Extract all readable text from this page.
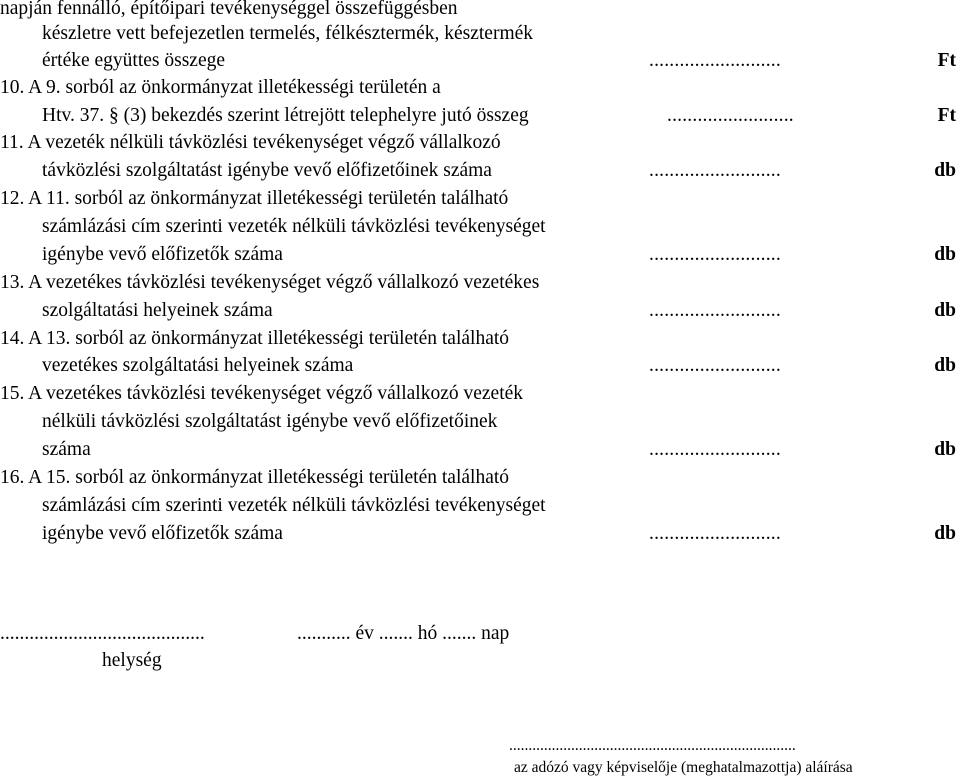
napján fennálló, építőipari tevékenységgel összefüggésben
készletre vett befejezetlen termelés, félkésztermék, késztermék
értéke együttes összege	..........................	Ft
10. A 9. sorból az önkormányzat illetékességi területén a
Htv. 37. § (3) bekezdés szerint létrejött telephelyre jutó összeg	.........................	Ft
11. A vezeték nélküli távközlési tevékenységet végző vállalkozó
távközlési szolgáltatást igénybe vevő előfizetőinek száma	..........................	db
12. A 11. sorból az önkormányzat illetékességi területén található
számlázási cím szerinti vezeték nélküli távközlési tevékenységet
igénybe vevő előfizetők száma	..........................	db
13. A vezetékes távközlési tevékenységet végző vállalkozó vezetékes
szolgáltatási helyeinek száma	..........................	db
14. A 13. sorból az önkormányzat illetékességi területén található
vezetékes szolgáltatási helyeinek száma	..........................	db
15. A vezetékes távközlési tevékenységet végző vállalkozó vezeték
nélküli távközlési szolgáltatást igénybe vevő előfizetőinek
száma	..........................	db
16. A 15. sorból az önkormányzat illetékességi területén található
számlázási cím szerinti vezeték nélküli távközlési tevékenységet
igénybe vevő előfizetők száma	..........................	db
..........................................	........... év ....... hó ....... nap
helység
..........................................................................
az adózó vagy képviselője (meghatalmazottja) aláírása
